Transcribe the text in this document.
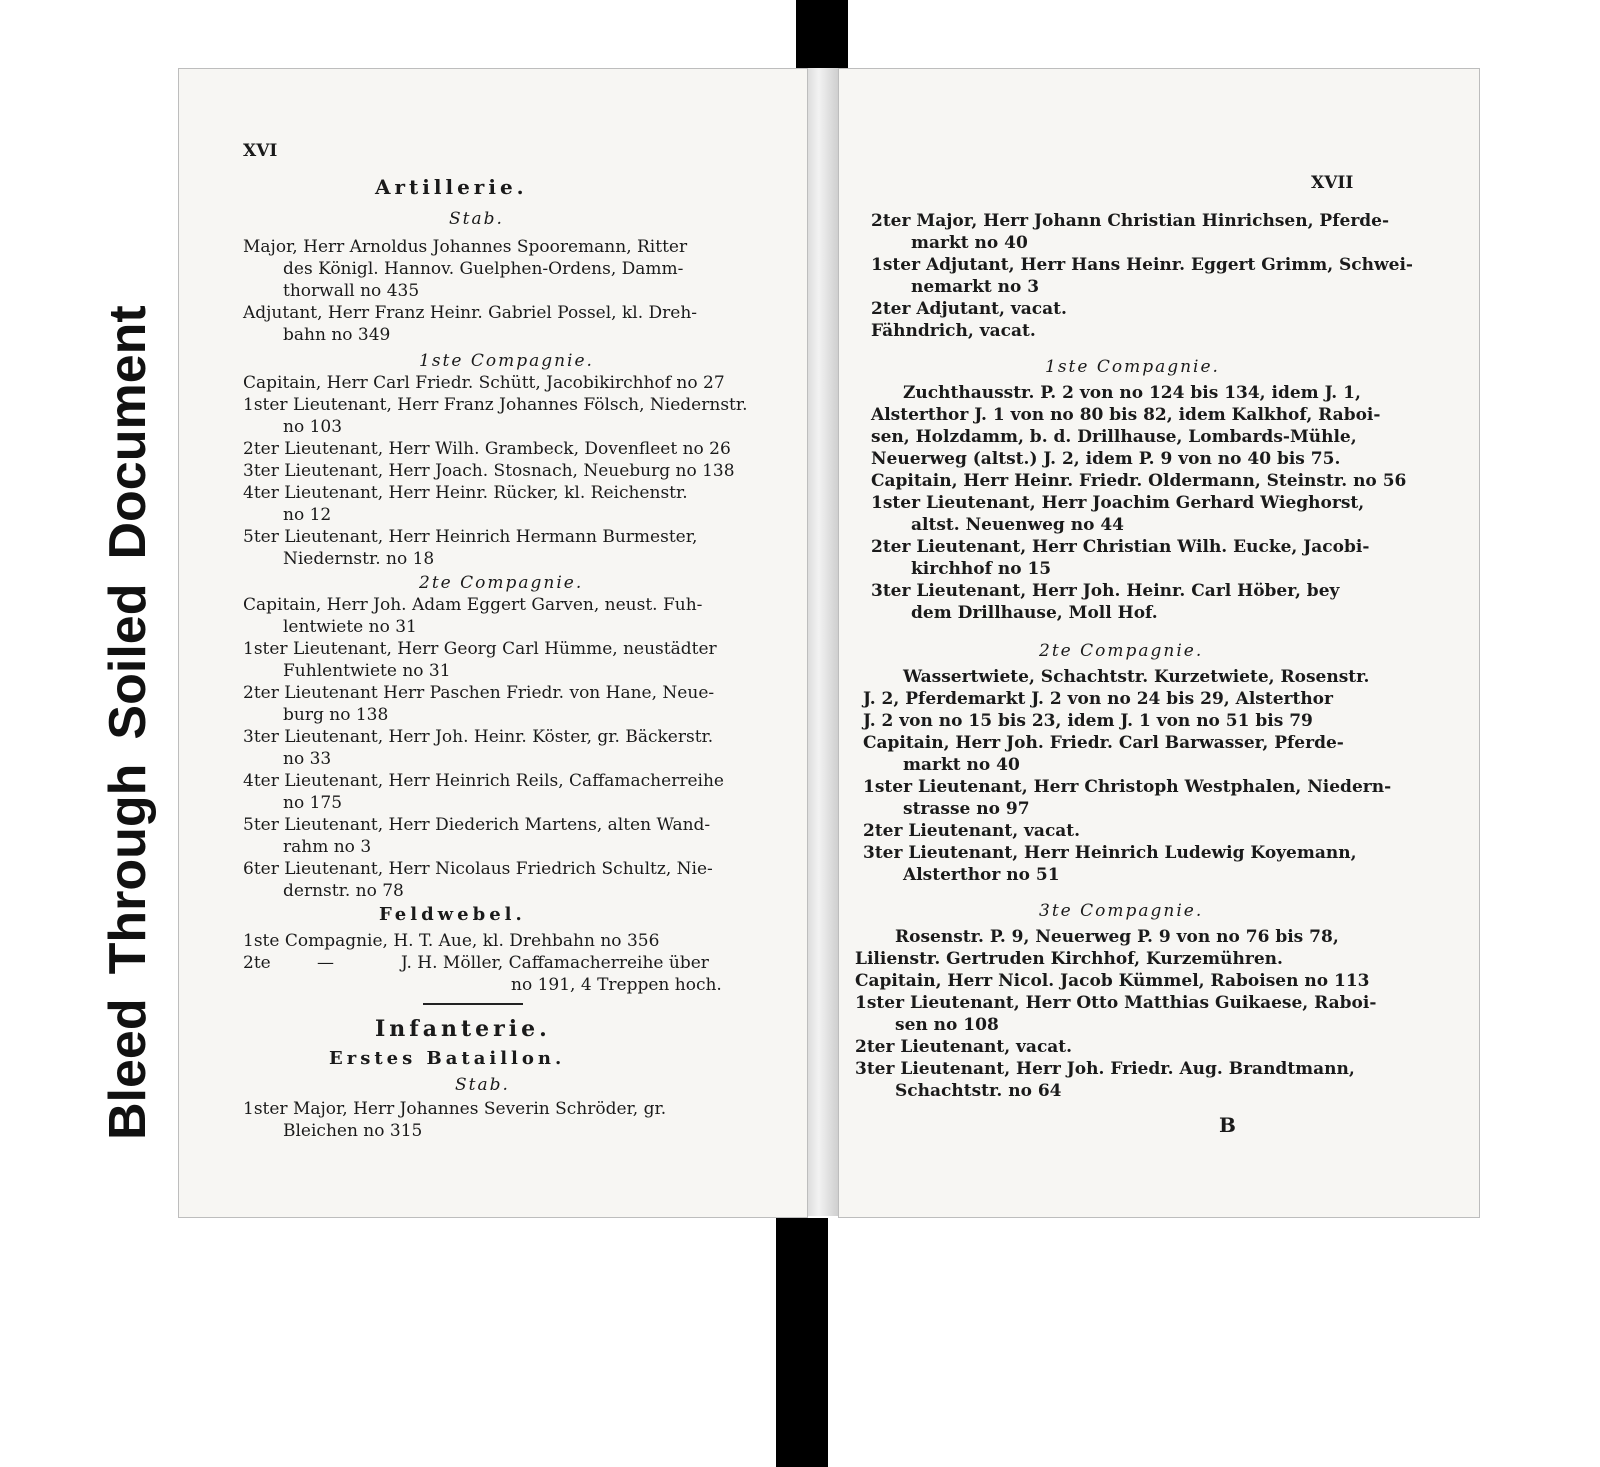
BleedThroughSoiledDocument
XVI
Artillerie.
Stab.
Major, Herr Arnoldus Johannes Spooremann, Ritter
des Königl. Hannov. Guelphen-Ordens, Damm-
thorwall no 435
Adjutant, Herr Franz Heinr. Gabriel Possel, kl. Dreh-
bahn no 349
1ste Compagnie.
Capitain, Herr Carl Friedr. Schütt, Jacobikirchhof no 27
1ster Lieutenant, Herr Franz Johannes Fölsch, Niedernstr.
no 103
2ter Lieutenant, Herr Wilh. Grambeck, Dovenfleet no 26
3ter Lieutenant, Herr Joach. Stosnach, Neueburg no 138
4ter Lieutenant, Herr Heinr. Rücker, kl. Reichenstr.
no 12
5ter Lieutenant, Herr Heinrich Hermann Burmester,
Niedernstr. no 18
2te Compagnie.
Capitain, Herr Joh. Adam Eggert Garven, neust. Fuh-
lentwiete no 31
1ster Lieutenant, Herr Georg Carl Hümme, neustädter
Fuhlentwiete no 31
2ter Lieutenant Herr Paschen Friedr. von Hane, Neue-
burg no 138
3ter Lieutenant, Herr Joh. Heinr. Köster, gr. Bäckerstr.
no 33
4ter Lieutenant, Herr Heinrich Reils, Caffamacherreihe
no 175
5ter Lieutenant, Herr Diederich Martens, alten Wand-
rahm no 3
6ter Lieutenant, Herr Nicolaus Friedrich Schultz, Nie-
dernstr. no 78
Feldwebel.
1ste Compagnie, H. T. Aue, kl. Drehbahn no 356
2te	—	J. H. Möller, Caffamacherreihe über
no 191, 4 Treppen hoch.
Infanterie.
Erstes Bataillon.
Stab.
1ster Major, Herr Johannes Severin Schröder, gr.
Bleichen no 315
XVII
2ter Major, Herr Johann Christian Hinrichsen, Pferde-
markt no 40
1ster Adjutant, Herr Hans Heinr. Eggert Grimm, Schwei-
nemarkt no 3
2ter Adjutant, vacat.
Fähndrich, vacat.
1ste Compagnie.
Zuchthausstr. P. 2 von no 124 bis 134, idem J. 1,
Alsterthor J. 1 von no 80 bis 82, idem Kalkhof, Raboi-
sen, Holzdamm, b. d. Drillhause, Lombards-Mühle,
Neuerweg (altst.) J. 2, idem P. 9 von no 40 bis 75.
Capitain, Herr Heinr. Friedr. Oldermann, Steinstr. no 56
1ster Lieutenant, Herr Joachim Gerhard Wieghorst,
altst. Neuenweg no 44
2ter Lieutenant, Herr Christian Wilh. Eucke, Jacobi-
kirchhof no 15
3ter Lieutenant, Herr Joh. Heinr. Carl Höber, bey
dem Drillhause, Moll Hof.
2te Compagnie.
Wassertwiete, Schachtstr. Kurzetwiete, Rosenstr.
J. 2, Pferdemarkt J. 2 von no 24 bis 29, Alsterthor
J. 2 von no 15 bis 23, idem J. 1 von no 51 bis 79
Capitain, Herr Joh. Friedr. Carl Barwasser, Pferde-
markt no 40
1ster Lieutenant, Herr Christoph Westphalen, Niedern-
strasse no 97
2ter Lieutenant, vacat.
3ter Lieutenant, Herr Heinrich Ludewig Koyemann,
Alsterthor no 51
3te Compagnie.
Rosenstr. P. 9, Neuerweg P. 9 von no 76 bis 78,
Lilienstr. Gertruden Kirchhof, Kurzemühren.
Capitain, Herr Nicol. Jacob Kümmel, Raboisen no 113
1ster Lieutenant, Herr Otto Matthias Guikaese, Raboi-
sen no 108
2ter Lieutenant, vacat.
3ter Lieutenant, Herr Joh. Friedr. Aug. Brandtmann,
Schachtstr. no 64
B
